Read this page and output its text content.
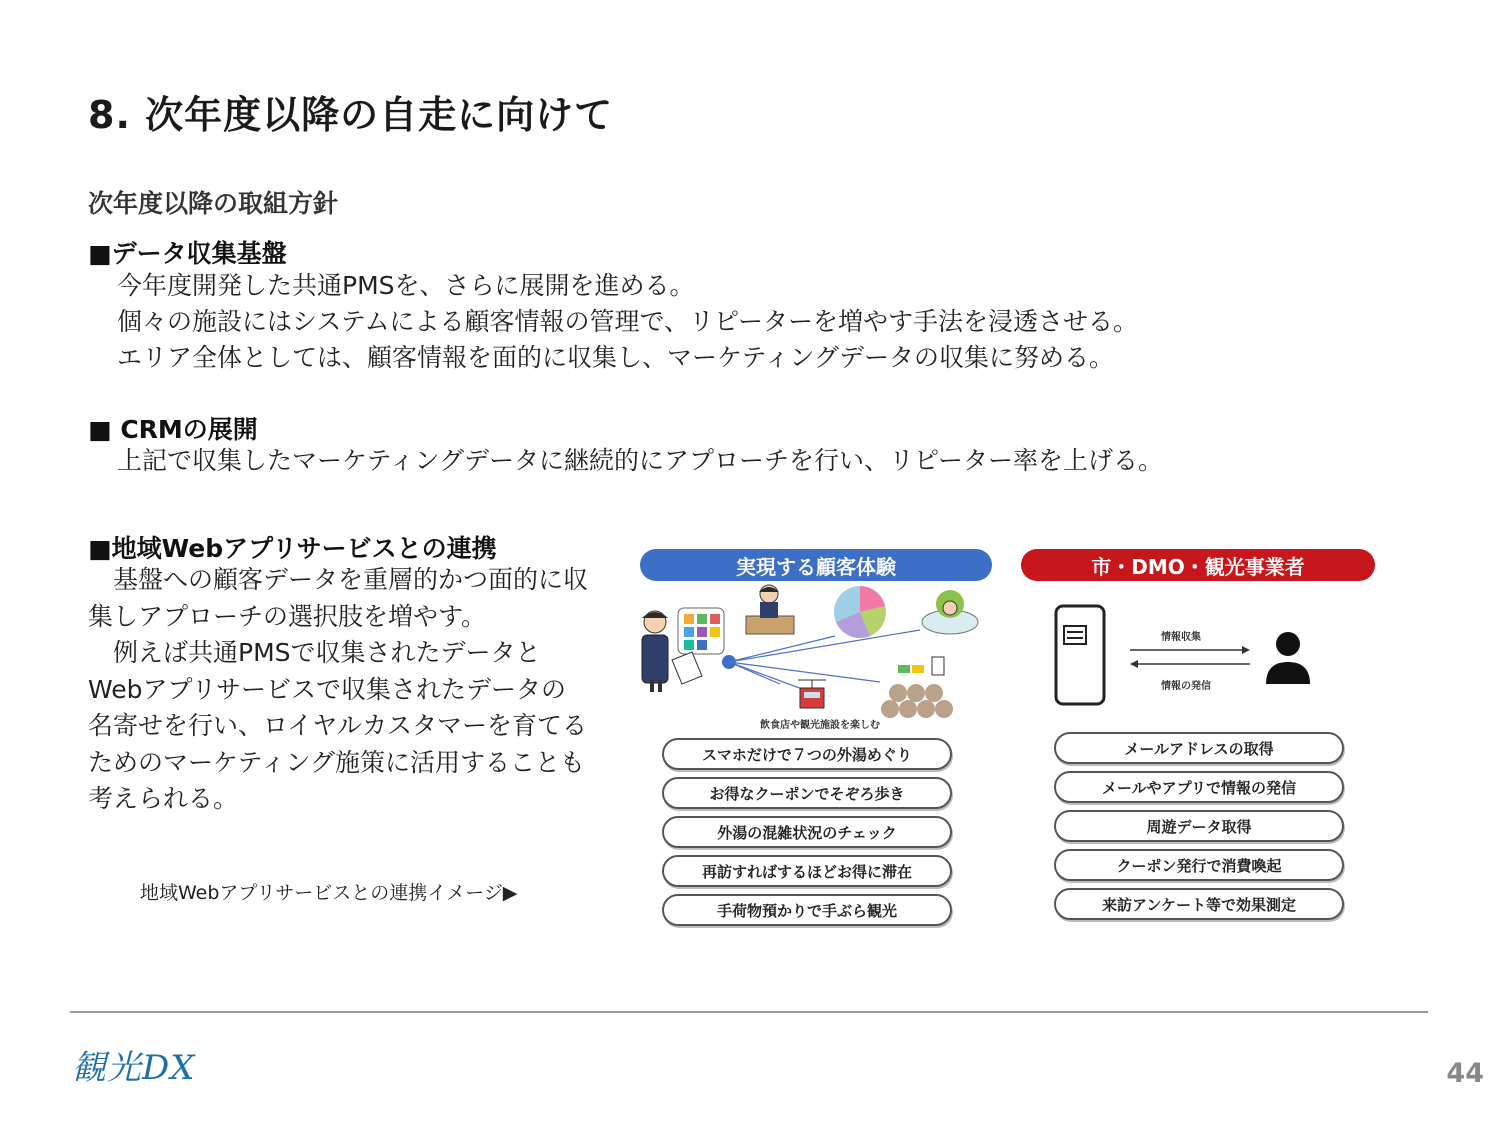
8. 次年度以降の自走に向けて
次年度以降の取組方針
■データ収集基盤
今年度開発した共通PMSを、さらに展開を進める。
個々の施設にはシステムによる顧客情報の管理で、リピーターを増やす手法を浸透させる。
エリア全体としては、顧客情報を面的に収集し、マーケティングデータの収集に努める。
■ CRMの展開
上記で収集したマーケティングデータに継続的にアプローチを行い、リピーター率を上げる。
■地域Webアプリサービスとの連携
　基盤への顧客データを重層的かつ面的に収集しアプローチの選択肢を増やす。
　例えば共通PMSで収集されたデータとWebアプリサービスで収集されたデータの名寄せを行い、ロイヤルカスタマーを育てるためのマーケティング施策に活用することも考えられる。
地域Webアプリサービスとの連携イメージ▶
実現する顧客体験	市・DMO・観光事業者
飲食店や観光施設を楽しむ
情報収集
情報の発信
スマホだけで７つの外湯めぐり
お得なクーポンでそぞろ歩き
外湯の混雑状況のチェック
再訪すればするほどお得に滞在
手荷物預かりで手ぶら観光
メールアドレスの取得
メールやアプリで情報の発信
周遊データ取得
クーポン発行で消費喚起
来訪アンケート等で効果測定
観光DX	44
